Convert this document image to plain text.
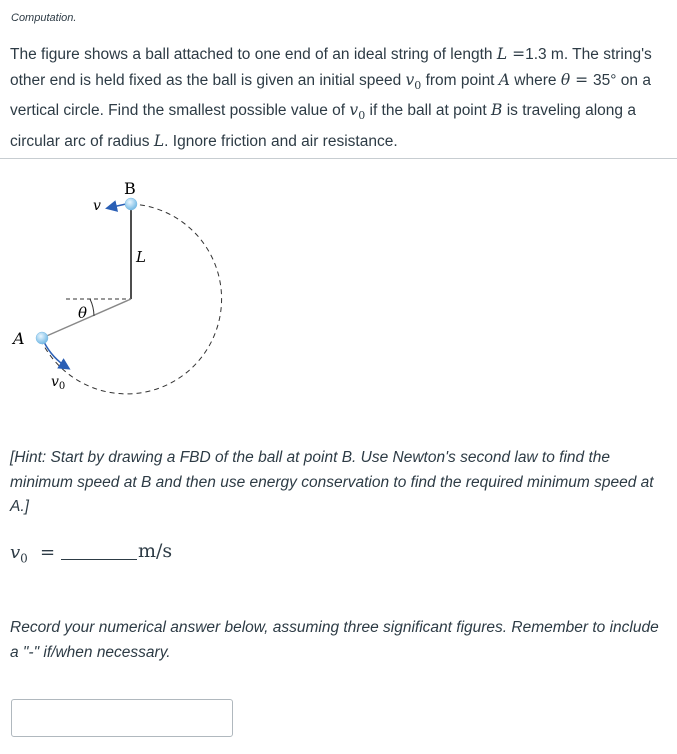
Computation.
The figure shows a ball attached to one end of an ideal string of length L =1.3 m. The string's other end is held fixed as the ball is given an initial speed $v_0$ from point A where θ = 35° on a vertical circle. Find the smallest possible value of $v_0$ if the ball at point B is traveling along a circular arc of radius L. Ignore friction and air resistance.
B
A
L
θ
v
$v_0$
[Hint: Start by drawing a FBD of the ball at point B. Use Newton's second law to find the minimum speed at B and then use energy conservation to find the required minimum speed at A.]
$v_0$ =	m/s
Record your numerical answer below, assuming three significant figures. Remember to include a "-" if/when necessary.
